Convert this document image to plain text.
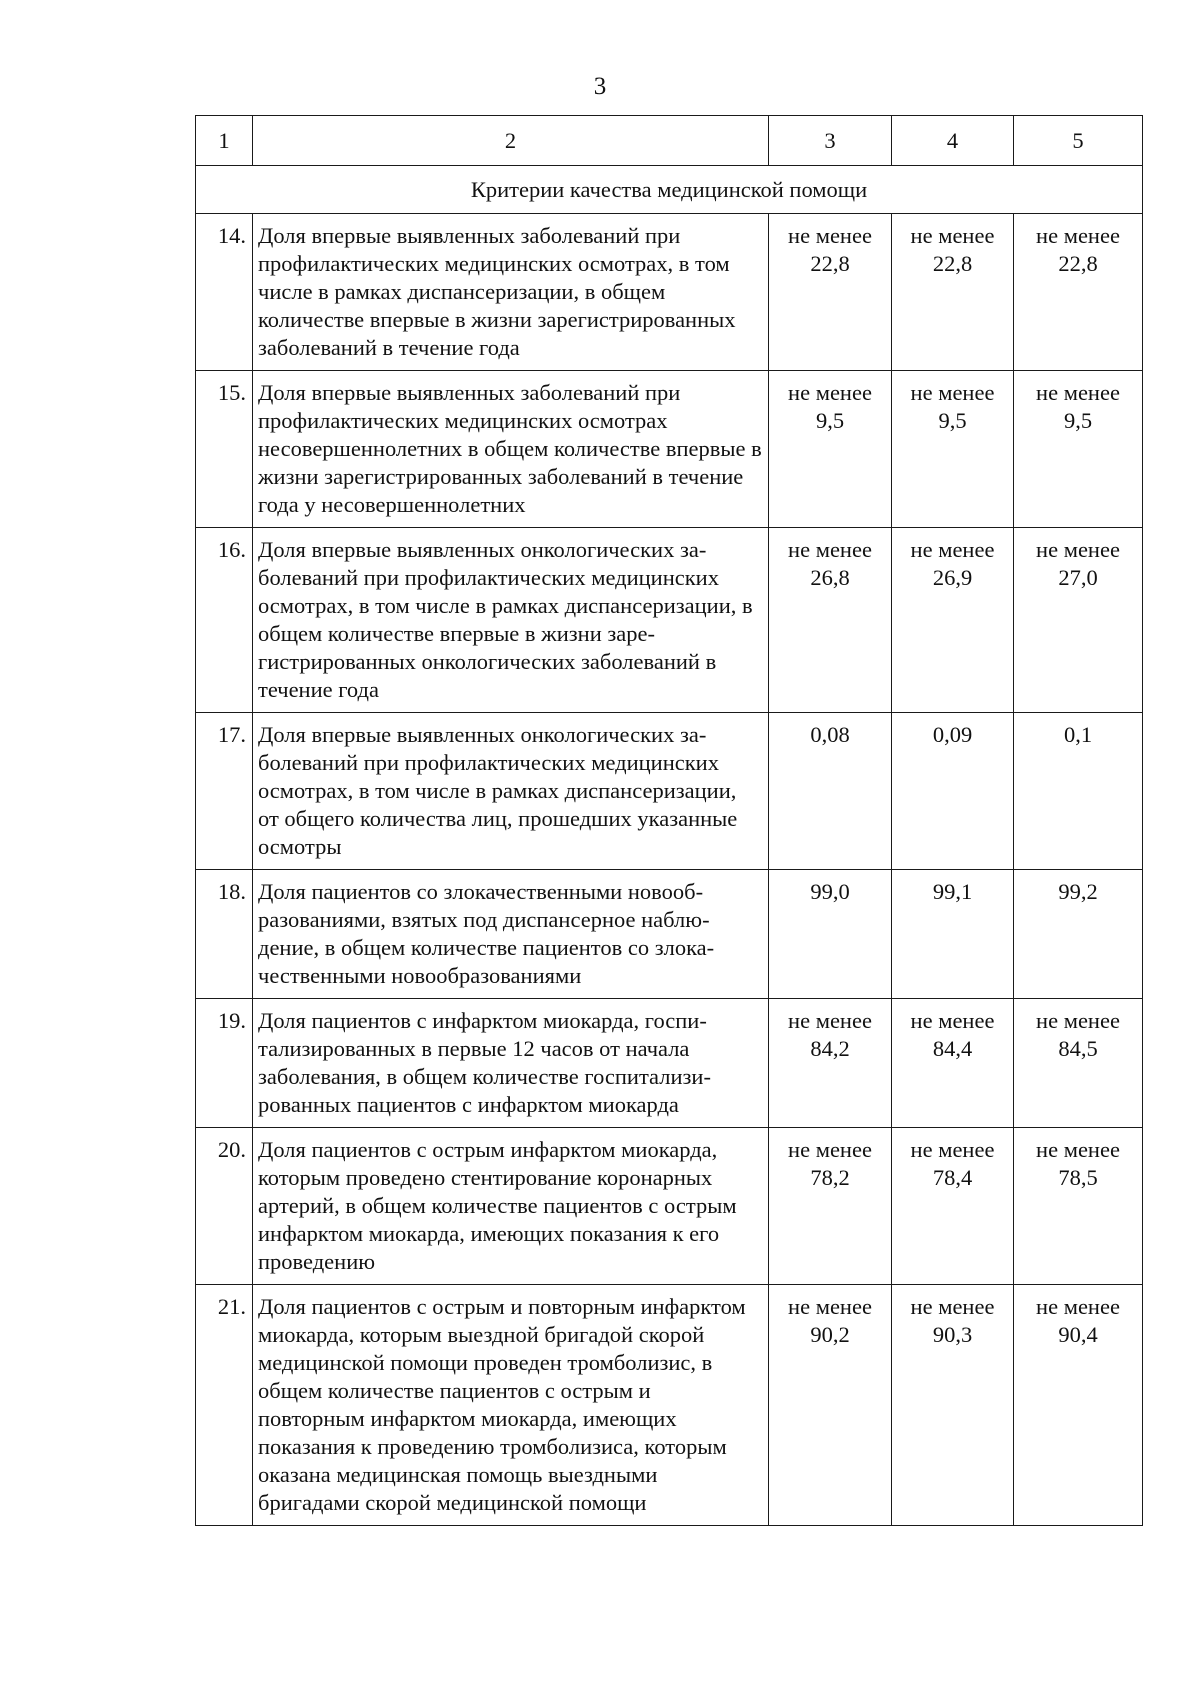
3
1	2	3	4	5
Критерии качества медицинской помощи				
14.	Доля впервые выявленных заболеваний при профилактических медицинских осмотрах, в том числе в рамках диспансеризации, в общем количестве впервые в жизни зарегистрированных заболеваний в течение года	не менее
22,8	не менее
22,8	не менее
22,8

15.	Доля впервые выявленных заболеваний при профилактических медицинских осмотрах несовершеннолетних в общем количестве впервые в жизни зарегистрированных заболеваний в течение года у несовершеннолетних	не менее
9,5	не менее
9,5	не менее
9,5

16.	Доля впервые выявленных онкологических заболеваний при профилактических медицинских осмотрах, в том числе в рамках диспансеризации, в общем количестве впервые в жизни зарегистрированных онкологических заболеваний в течение года	не менее
26,8	не менее
26,9	не менее
27,0

17.	Доля впервые выявленных онкологических заболеваний при профилактических медицинских осмотрах, в том числе в рамках диспансеризации, от общего количества лиц, прошедших указанные осмотры	0,08	0,09	0,1

18.	Доля пациентов со злокачественными новообразованиями, взятых под диспансерное наблюдение, в общем количестве пациентов со злокачественными новообразованиями	99,0	99,1	99,2

19.	Доля пациентов с инфарктом миокарда, госпитализированных в первые 12 часов от начала заболевания, в общем количестве госпитализированных пациентов с инфарктом миокарда	не менее
84,2	не менее
84,4	не менее
84,5

20.	Доля пациентов с острым инфарктом миокарда, которым проведено стентирование коронарных артерий, в общем количестве пациентов с острым инфарктом миокарда, имеющих показания к его проведению	не менее
78,2	не менее
78,4	не менее
78,5

21.	Доля пациентов с острым и повторным инфарктом миокарда, которым выездной бригадой скорой медицинской помощи проведен тромболизис, в общем количестве пациентов с острым и повторным инфарктом миокарда, имеющих показания к проведению тромболизиса, которым оказана медицинская помощь выездными бригадами скорой медицинской помощи	не менее
90,2	не менее
90,3	не менее
90,4
